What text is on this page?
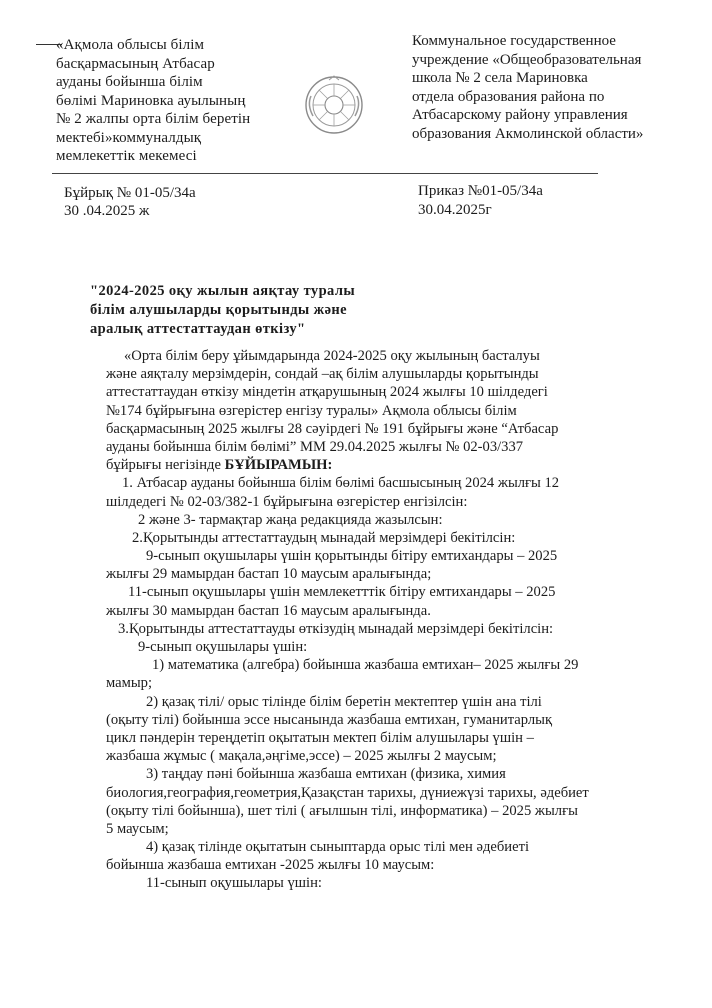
«Ақмола облысы білім
басқармасының Атбасар
ауданы бойынша білім
бөлімі Мариновка ауылының
№ 2 жалпы орта білім беретін
мектебі»коммуналдық
мемлекеттік мекемесі
Коммунальное государственное
учреждение «Общеобразовательная
школа № 2 села Мариновка
отдела образования района по
Атбасарскому району управления
образования Акмолинской области»
Бұйрық № 01-05/34а
30 .04.2025 ж
Приказ №01-05/34а
30.04.2025г
"2024-2025 оқу жылын аяқтау туралы
білім алушыларды қорытынды және
аралық аттестаттаудан өткізу"
«Орта білім беру ұйымдарында 2024-2025 оқу жылының басталуы
және аяқталу мерзімдерін, сондай –ақ білім алушыларды қорытынды
аттестаттаудан өткізу міндетін атқарушының 2024 жылғы 10 шілдедегі
№174 бұйрығына өзгерістер енгізу туралы» Ақмола облысы білім
басқармасының 2025 жылғы 28 сәуірдегі № 191 бұйрығы және “Атбасар
ауданы бойынша білім бөлімі” ММ 29.04.2025 жылғы № 02-03/337
бұйрығы негізінде БҰЙЫРАМЫН:
1. Атбасар ауданы бойынша білім бөлімі басшысының 2024 жылғы 12
шілдедегі № 02-03/382-1 бұйрығына өзгерістер енгізілсін:
2 және 3- тармақтар жаңа редакцияда жазылсын:
2.Қорытынды аттестаттаудың мынадай мерзімдері бекітілсін:
9-сынып оқушылары үшін қорытынды бітіру емтихандары – 2025
жылғы 29 мамырдан бастап 10 маусым аралығында;
11-сынып оқушылары үшін мемлекетттік бітіру емтихандары – 2025
жылғы 30 мамырдан бастап 16 маусым аралығында.
3.Қорытынды аттестаттауды өткізудің мынадай мерзімдері бекітілсін:
9-сынып оқушылары үшін:
1) математика (алгебра) бойынша жазбаша емтихан– 2025 жылғы 29
мамыр;
2) қазақ тілі/ орыс тілінде білім беретін мектептер үшін ана тілі
(оқыту тілі) бойынша эссе нысанында жазбаша емтихан, гуманитарлық
цикл пәндерін тереңдетіп оқытатын мектеп білім алушылары үшін –
жазбаша жұмыс ( мақала,әңгіме,эссе) – 2025 жылғы 2 маусым;
3) таңдау пәні бойынша жазбаша емтихан (физика, химия
биология,география,геометрия,Қазақстан тарихы, дүниежүзі тарихы, әдебиет
(оқыту тілі бойынша), шет тілі ( ағылшын тілі, информатика) – 2025 жылғы
5 маусым;
4) қазақ тілінде оқытатын сыныптарда орыс тілі мен әдебиеті
бойынша жазбаша емтихан -2025 жылғы 10 маусым:
11-сынып оқушылары үшін:
